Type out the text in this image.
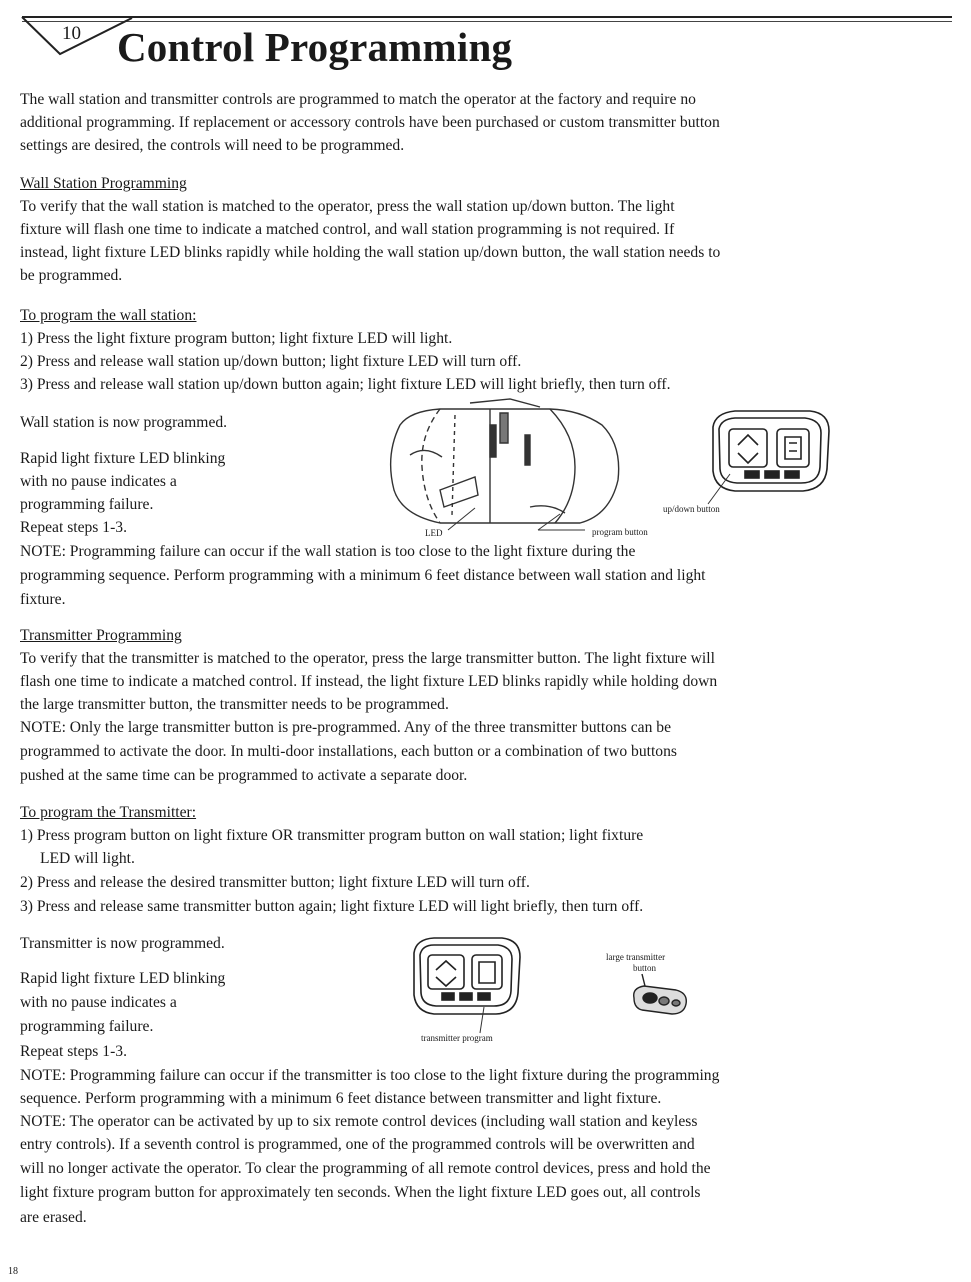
10 Control Programming
The wall station and transmitter controls are programmed to match the operator at the factory and require no
additional programming. If replacement or accessory controls have been purchased or custom transmitter button
settings are desired, the controls will need to be programmed.
Wall Station Programming
To verify that the wall station is matched to the operator, press the wall station up/down button. The light
fixture will flash one time to indicate a matched control, and wall station programming is not required. If
instead, light fixture LED blinks rapidly while holding the wall station up/down button, the wall station needs to
be programmed.
To program the wall station:
1) Press the light fixture program button; light fixture LED will light.
2) Press and release wall station up/down button; light fixture LED will turn off.
3) Press and release wall station up/down button again; light fixture LED will light briefly, then turn off.
Wall station is now programmed.
Rapid light fixture LED blinking
with no pause indicates a
programming failure.
Repeat steps 1-3.	LED	program button
up/down button
NOTE: Programming failure can occur if the wall station is too close to the light fixture during the
programming sequence. Perform programming with a minimum 6 feet distance between wall station and light
fixture.
Transmitter Programming
To verify that the transmitter is matched to the operator, press the large transmitter button. The light fixture will
flash one time to indicate a matched control. If instead, the light fixture LED blinks rapidly while holding down
the large transmitter button, the transmitter needs to be programmed.
NOTE: Only the large transmitter button is pre-programmed. Any of the three transmitter buttons can be
programmed to activate the door. In multi-door installations, each button or a combination of two buttons
pushed at the same time can be programmed to activate a separate door.
To program the Transmitter:
1) Press program button on light fixture OR transmitter program button on wall station; light fixture
LED will light.
2) Press and release the desired transmitter button; light fixture LED will turn off.
3) Press and release same transmitter button again; light fixture LED will light briefly, then turn off.
Transmitter is now programmed.
Rapid light fixture LED blinking
with no pause indicates a
programming failure.
Repeat steps 1-3.
transmitter program
large transmitter
button
NOTE: Programming failure can occur if the transmitter is too close to the light fixture during the programming
sequence. Perform programming with a minimum 6 feet distance between transmitter and light fixture.
NOTE: The operator can be activated by up to six remote control devices (including wall station and keyless
entry controls). If a seventh control is programmed, one of the programmed controls will be overwritten and
will no longer activate the operator. To clear the programming of all remote control devices, press and hold the
light fixture program button for approximately ten seconds. When the light fixture LED goes out, all controls
are erased.
18
